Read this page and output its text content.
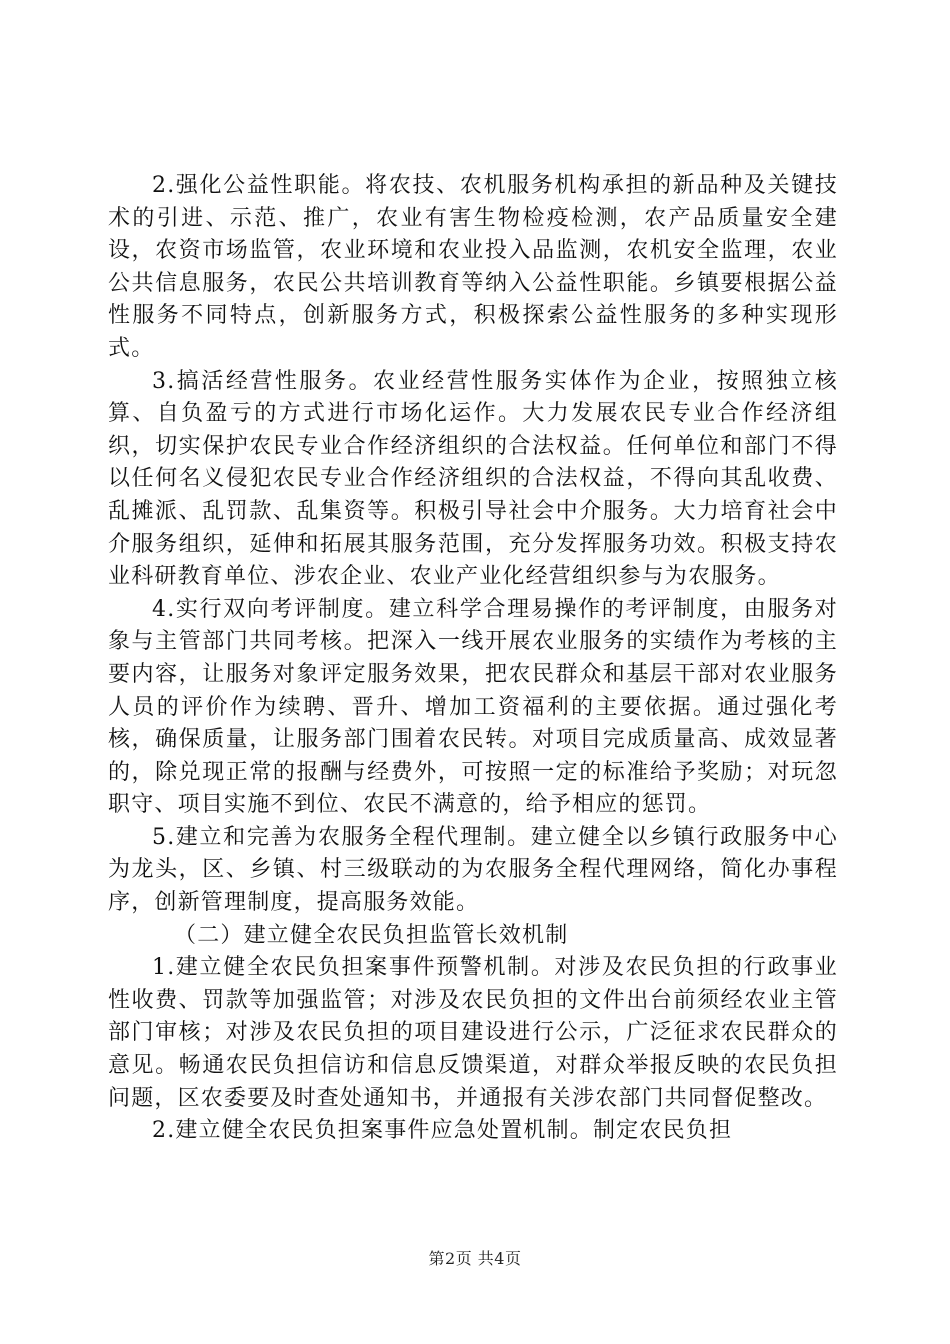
2.强化公益性职能。将农技、农机服务机构承担的新品种及关键技术的引进、示范、推广，农业有害生物检疫检测，农产品质量安全建设，农资市场监管，农业环境和农业投入品监测，农机安全监理，农业公共信息服务，农民公共培训教育等纳入公益性职能。乡镇要根据公益性服务不同特点，创新服务方式，积极探索公益性服务的多种实现形式。

3.搞活经营性服务。农业经营性服务实体作为企业，按照独立核算、自负盈亏的方式进行市场化运作。大力发展农民专业合作经济组织，切实保护农民专业合作经济组织的合法权益。任何单位和部门不得以任何名义侵犯农民专业合作经济组织的合法权益，不得向其乱收费、乱摊派、乱罚款、乱集资等。积极引导社会中介服务。大力培育社会中介服务组织，延伸和拓展其服务范围，充分发挥服务功效。积极支持农业科研教育单位、涉农企业、农业产业化经营组织参与为农服务。

4.实行双向考评制度。建立科学合理易操作的考评制度，由服务对象与主管部门共同考核。把深入一线开展农业服务的实绩作为考核的主要内容，让服务对象评定服务效果，把农民群众和基层干部对农业服务人员的评价作为续聘、晋升、增加工资福利的主要依据。通过强化考核，确保质量，让服务部门围着农民转。对项目完成质量高、成效显著的，除兑现正常的报酬与经费外，可按照一定的标准给予奖励；对玩忽职守、项目实施不到位、农民不满意的，给予相应的惩罚。

5.建立和完善为农服务全程代理制。建立健全以乡镇行政服务中心为龙头，区、乡镇、村三级联动的为农服务全程代理网络，简化办事程序，创新管理制度，提高服务效能。

（二）建立健全农民负担监管长效机制

1.建立健全农民负担案事件预警机制。对涉及农民负担的行政事业性收费、罚款等加强监管；对涉及农民负担的文件出台前须经农业主管部门审核；对涉及农民负担的项目建设进行公示，广泛征求农民群众的意见。畅通农民负担信访和信息反馈渠道，对群众举报反映的农民负担问题，区农委要及时查处通知书，并通报有关涉农部门共同督促整改。

2.建立健全农民负担案事件应急处置机制。制定农民负担

第2页 共4页
